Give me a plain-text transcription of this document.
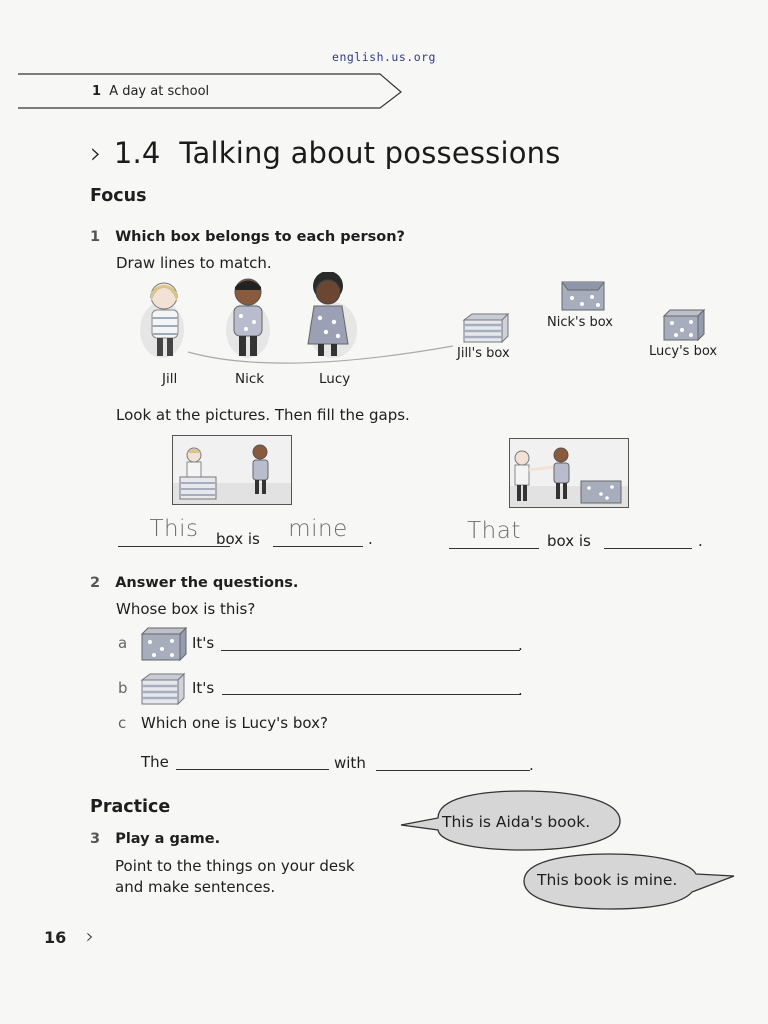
english.us.org
1 A day at school
› 1.4  Talking about possessions
Focus
1 Which box belongs to each person?
Draw lines to match.
Jill	Nick	Lucy
Jill's box
Nick's box
Lucy's box
Look at the pictures. Then fill the gaps.
This	box is	mine	.	That	box is	.
2 Answer the questions.
Whose box is this?
a	It's	.
b	It's	.
c Which one is Lucy's box?
The	with	.
Practice
3 Play a game.
Point to the things on your desk
and make sentences.
This is Aida's book.
This book is mine.
16 ›
